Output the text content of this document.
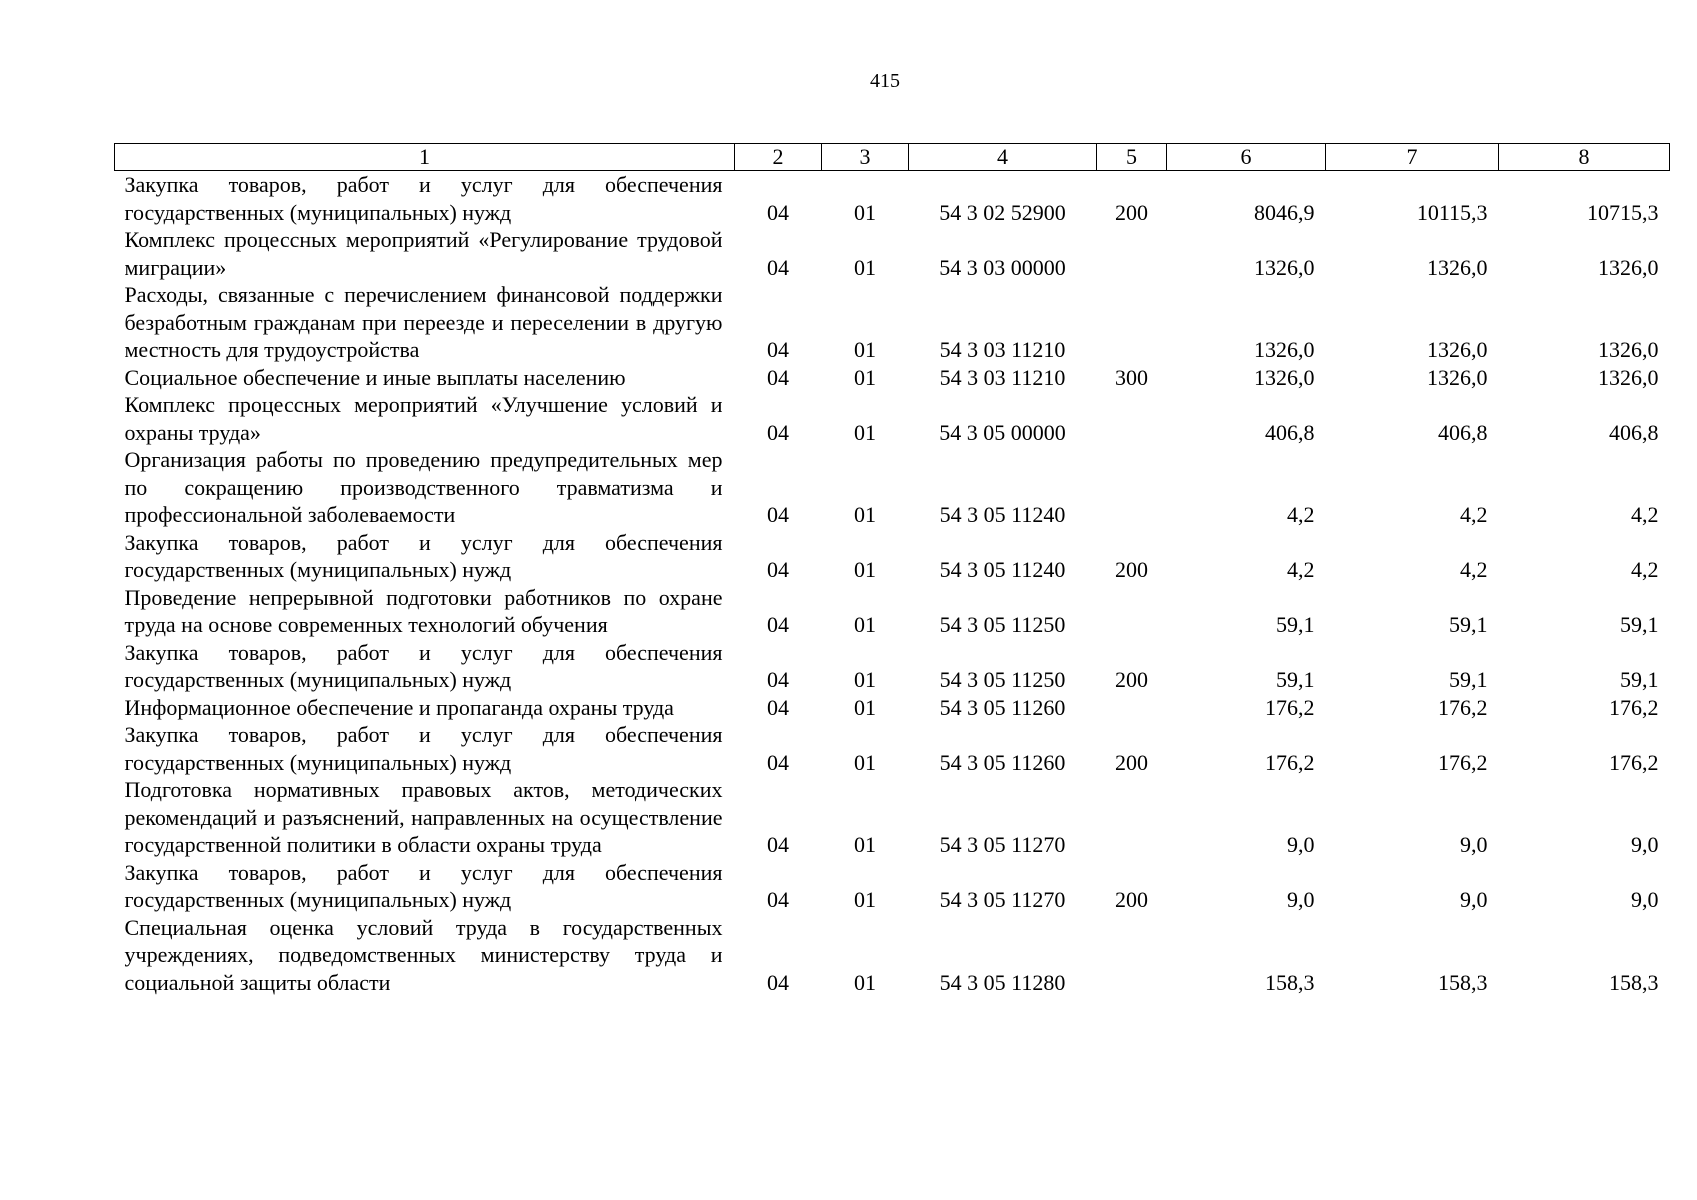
415
1	2	3	4	5	6	7	8
Закупка товаров, работ и услуг для обеспечения государственных (муниципальных) нужд	04	01	54 3 02 52900	200	8046,9	10115,3	10715,3
Комплекс процессных мероприятий «Регулирование трудовой миграции»	04	01	54 3 03 00000		1326,0	1326,0	1326,0
Расходы, связанные с перечислением финансовой поддержки безработным гражданам при переезде и переселении в другую местность для трудоустройства	04	01	54 3 03 11210		1326,0	1326,0	1326,0
Социальное обеспечение и иные выплаты населению	04	01	54 3 03 11210	300	1326,0	1326,0	1326,0
Комплекс процессных мероприятий «Улучшение условий и охраны труда»	04	01	54 3 05 00000		406,8	406,8	406,8
Организация работы по проведению предупредительных мер по сокращению производственного травматизма и профессиональной заболеваемости	04	01	54 3 05 11240		4,2	4,2	4,2
Закупка товаров, работ и услуг для обеспечения государственных (муниципальных) нужд	04	01	54 3 05 11240	200	4,2	4,2	4,2
Проведение непрерывной подготовки работников по охране труда на основе современных технологий обучения	04	01	54 3 05 11250		59,1	59,1	59,1
Закупка товаров, работ и услуг для обеспечения государственных (муниципальных) нужд	04	01	54 3 05 11250	200	59,1	59,1	59,1
Информационное обеспечение и пропаганда охраны труда	04	01	54 3 05 11260		176,2	176,2	176,2
Закупка товаров, работ и услуг для обеспечения государственных (муниципальных) нужд	04	01	54 3 05 11260	200	176,2	176,2	176,2
Подготовка нормативных правовых актов, методических рекомендаций и разъяснений, направленных на осуществление государственной политики в области охраны труда	04	01	54 3 05 11270		9,0	9,0	9,0
Закупка товаров, работ и услуг для обеспечения государственных (муниципальных) нужд	04	01	54 3 05 11270	200	9,0	9,0	9,0
Специальная оценка условий труда в государственных учреждениях, подведомственных министерству труда и социальной защиты области	04	01	54 3 05 11280		158,3	158,3	158,3
